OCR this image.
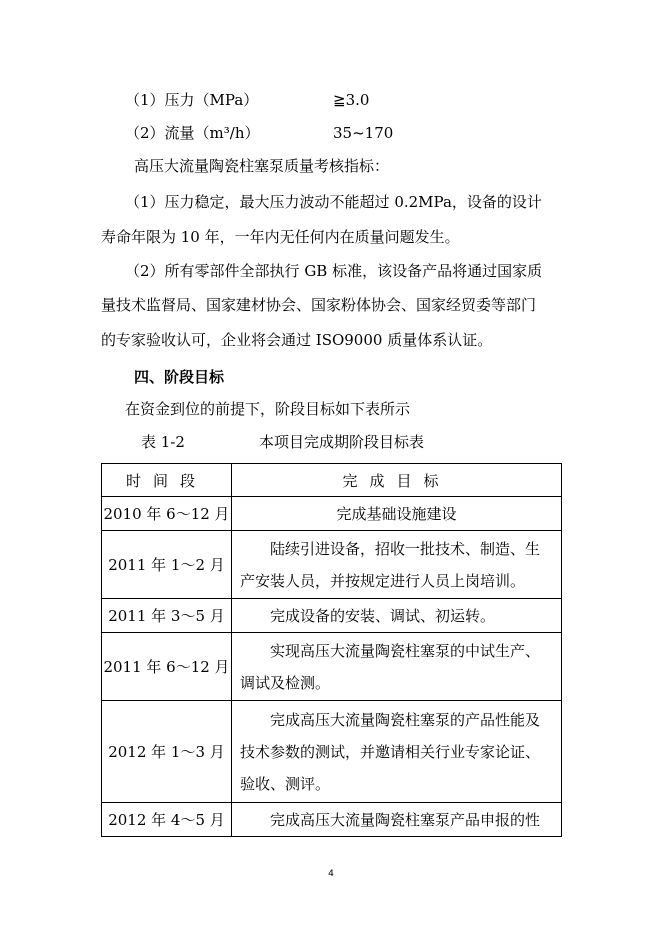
（1）压力（MPa）	≧3.0
（2）流量（m³/h）	35~170
高压大流量陶瓷柱塞泵质量考核指标：
（1）压力稳定，最大压力波动不能超过 0.2MPa，设备的设计
寿命年限为 10 年，一年内无任何内在质量问题发生。
（2）所有零部件全部执行 GB 标准，该设备产品将通过国家质
量技术监督局、国家建材协会、国家粉体协会、国家经贸委等部门
的专家验收认可，企业将会通过 ISO9000 质量体系认证。
四、阶段目标
在资金到位的前提下，阶段目标如下表所示
表 1-2	本项目完成期阶段目标表
时间段	完成目标
2010 年 6～12 月	完成基础设施建设

2011 年 1～2 月	　　陆续引进设备，招收一批技术、制造、生
产安装人员，并按规定进行人员上岗培训。

2011 年 3～5 月	　　完成设备的安装、调试、初运转。

2011 年 6～12 月	　　实现高压大流量陶瓷柱塞泵的中试生产、
调试及检测。

2012 年 1～3 月	　　完成高压大流量陶瓷柱塞泵的产品性能及
技术参数的测试，并邀请相关行业专家论证、
验收、测评。

2012 年 4～5 月	　　完成高压大流量陶瓷柱塞泵产品申报的性
4
